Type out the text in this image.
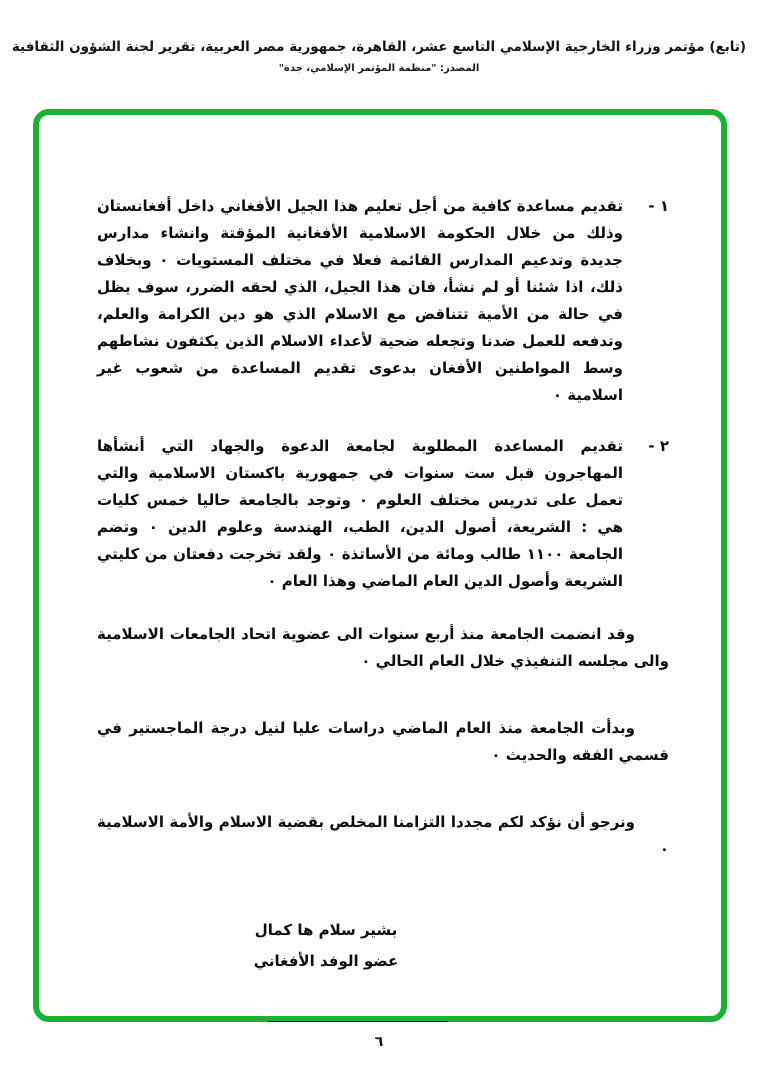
(تابع) مؤتمر وزراء الخارجية الإسلامي التاسع عشر، القاهرة، جمهورية مصر العربية، تقرير لجنة الشؤون الثقافية
المصدر: "منظمة المؤتمر الإسلامي، جدة"
١ -
تقديم مساعدة كافية من أجل تعليم هذا الجيل الأفغاني داخل أفغانستان وذلك من خلال الحكومة الاسلامية الأفغانية المؤقتة وانشاء مدارس جديدة وتدعيم المدارس القائمة فعلا في مختلف المستويات ٠ وبخلاف ذلك، اذا شئنا أو لم نشأ، فان هذا الجيل، الذي لحقه الضرر، سوف يظل في حالة من الأمية تتناقض مع الاسلام الذي هو دين الكرامة والعلم، وتدفعه للعمل ضدنا وتجعله ضحية لأعداء الاسلام الذين يكثفون نشاطهم وسط المواطنين الأفغان بدعوى تقديم المساعدة من شعوب غير اسلامية ٠
٢ -
تقديم المساعدة المطلوبة لجامعة الدعوة والجهاد التي أنشأها المهاجرون قبل ست سنوات في جمهورية باكستان الاسلامية والتي تعمل على تدريس مختلف العلوم ٠ وتوجد بالجامعة حاليا خمس كليات هي : الشريعة، أصول الدين، الطب، الهندسة وعلوم الدين ٠ وتضم الجامعة ١١٠٠ طالب ومائة من الأساتذة ٠ ولقد تخرجت دفعتان من كليتي الشريعة وأصول الدين العام الماضي وهذا العام ٠
وقد انضمت الجامعة منذ أربع سنوات الى عضوية اتحاد الجامعات الاسلامية والى مجلسه التنفيذي خلال العام الحالي ٠
وبدأت الجامعة منذ العام الماضي دراسات عليا لنيل درجة الماجستير في قسمي الفقه والحديث ٠
ونرجو أن نؤكد لكم مجددا التزامنا المخلص بقضية الاسلام والأمة الاسلامية ٠
بشير سلام ها كمال
عضو الوفد الأفغاني
٦
